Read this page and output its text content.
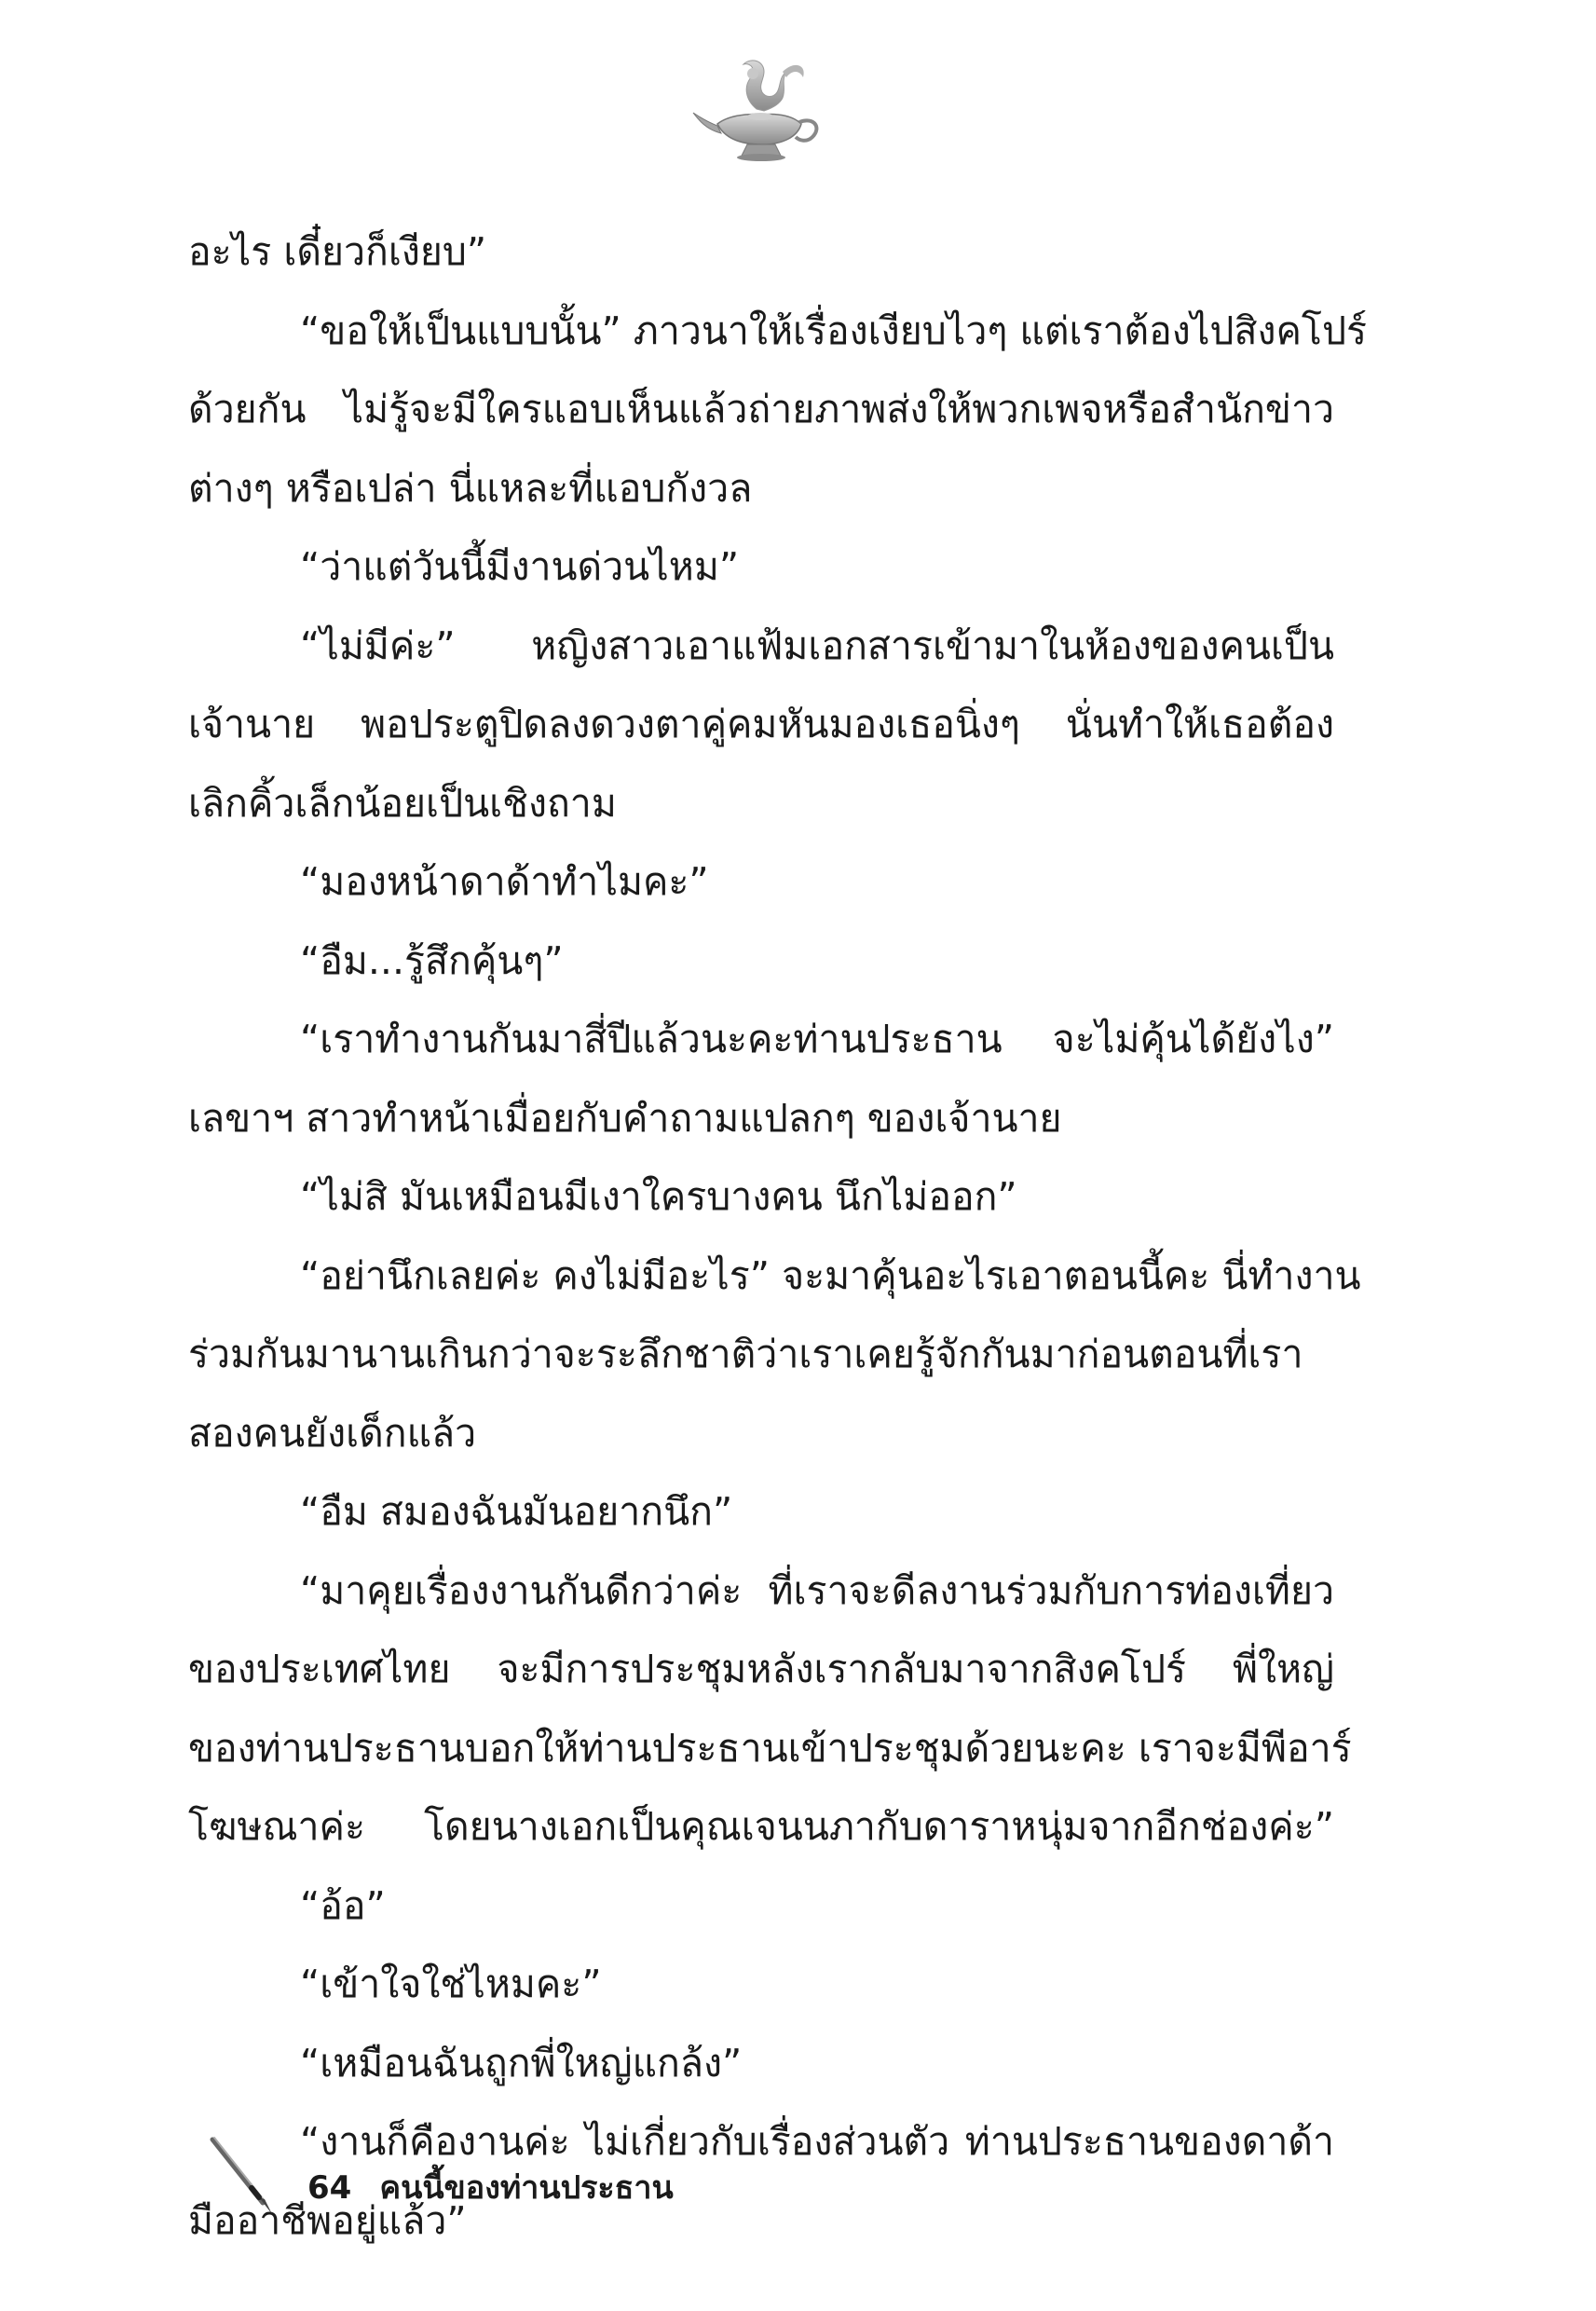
อะไร เดี๋ยวก็เงียบ”
“ขอให้เป็นแบบนั้น” ภาวนาให้เรื่องเงียบไวๆ แต่เราต้องไปสิงคโปร์
ด้วยกัน ไม่รู้จะมีใครแอบเห็นแล้วถ่ายภาพส่งให้พวกเพจหรือสำนักข่าว
ต่างๆ หรือเปล่า นี่แหละที่แอบกังวล
“ว่าแต่วันนี้มีงานด่วนไหม”
“ไม่มีค่ะ” หญิงสาวเอาแฟ้มเอกสารเข้ามาในห้องของคนเป็น
เจ้านาย พอประตูปิดลงดวงตาคู่คมหันมองเธอนิ่งๆ นั่นทำให้เธอต้อง
เลิกคิ้วเล็กน้อยเป็นเชิงถาม
“มองหน้าดาด้าทำไมคะ”
“อืม...รู้สึกคุ้นๆ”
“เราทำงานกันมาสี่ปีแล้วนะคะท่านประธาน จะไม่คุ้นได้ยังไง”
เลขาฯ สาวทำหน้าเมื่อยกับคำถามแปลกๆ ของเจ้านาย
“ไม่สิ มันเหมือนมีเงาใครบางคน นึกไม่ออก”
“อย่านึกเลยค่ะ คงไม่มีอะไร” จะมาคุ้นอะไรเอาตอนนี้คะ นี่ทำงาน
ร่วมกันมานานเกินกว่าจะระลึกชาติว่าเราเคยรู้จักกันมาก่อนตอนที่เรา
สองคนยังเด็กแล้ว
“อืม สมองฉันมันอยากนึก”
“มาคุยเรื่องงานกันดีกว่าค่ะ ที่เราจะดีลงานร่วมกับการท่องเที่ยว
ของประเทศไทย จะมีการประชุมหลังเรากลับมาจากสิงคโปร์ พี่ใหญ่
ของท่านประธานบอกให้ท่านประธานเข้าประชุมด้วยนะคะ เราจะมีพีอาร์
โฆษณาค่ะ โดยนางเอกเป็นคุณเจนนภากับดาราหนุ่มจากอีกช่องค่ะ”
“อ้อ”
“เข้าใจใช่ไหมคะ”
“เหมือนฉันถูกพี่ใหญ่แกล้ง”
“งานก็คืองานค่ะ ไม่เกี่ยวกับเรื่องส่วนตัว ท่านประธานของดาด้า
มืออาชีพอยู่แล้ว”
64 คนนี้ของท่านประธาน
